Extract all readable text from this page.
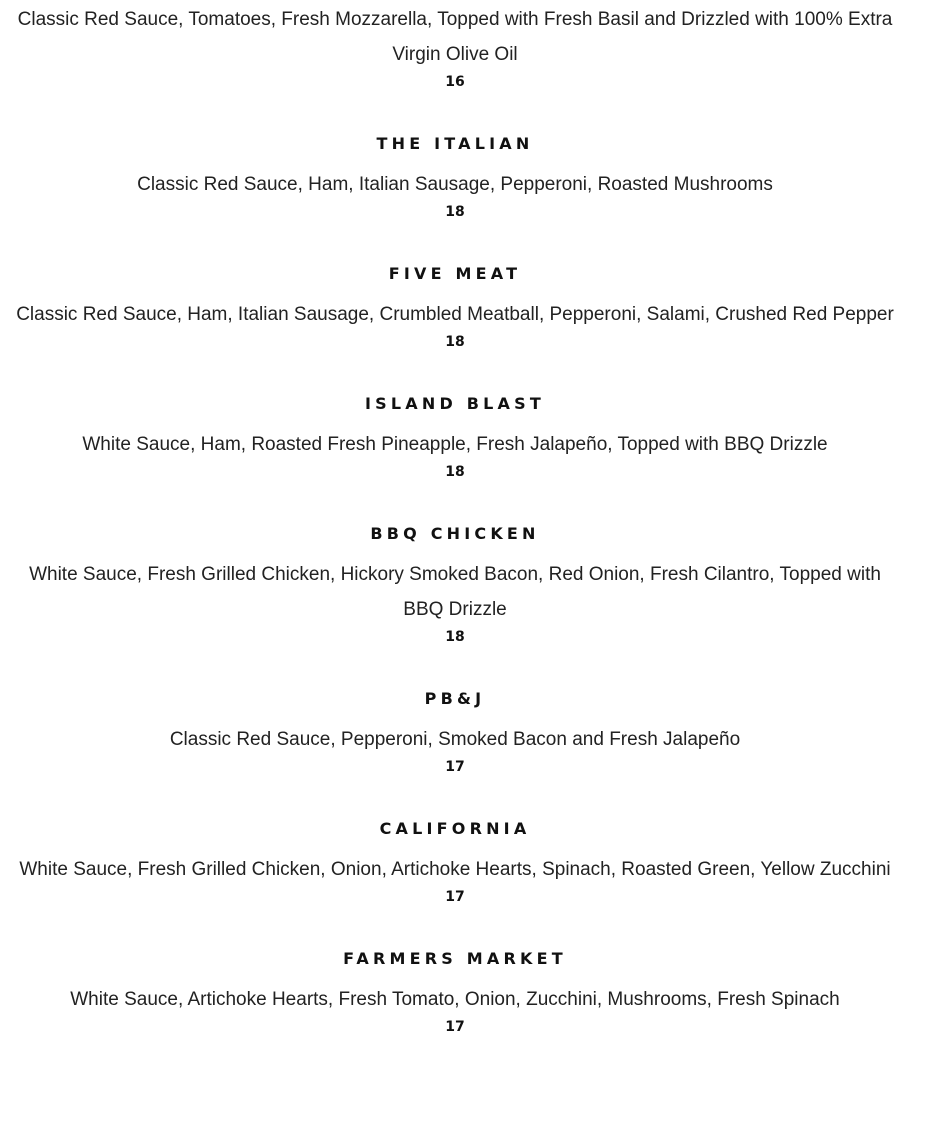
Classic Red Sauce, Tomatoes, Fresh Mozzarella, Topped with Fresh Basil and Drizzled with 100% Extra Virgin Olive Oil
16
THE ITALIAN
Classic Red Sauce, Ham, Italian Sausage, Pepperoni, Roasted Mushrooms
18
FIVE MEAT
Classic Red Sauce, Ham, Italian Sausage, Crumbled Meatball, Pepperoni, Salami, Crushed Red Pepper
18
ISLAND BLAST
White Sauce, Ham, Roasted Fresh Pineapple, Fresh Jalapeño, Topped with BBQ Drizzle
18
BBQ CHICKEN
White Sauce, Fresh Grilled Chicken, Hickory Smoked Bacon, Red Onion, Fresh Cilantro, Topped with BBQ Drizzle
18
PB&J
Classic Red Sauce, Pepperoni, Smoked Bacon and Fresh Jalapeño
17
CALIFORNIA
White Sauce, Fresh Grilled Chicken, Onion, Artichoke Hearts, Spinach, Roasted Green, Yellow Zucchini
17
FARMERS MARKET
White Sauce, Artichoke Hearts, Fresh Tomato, Onion, Zucchini, Mushrooms, Fresh Spinach
17
